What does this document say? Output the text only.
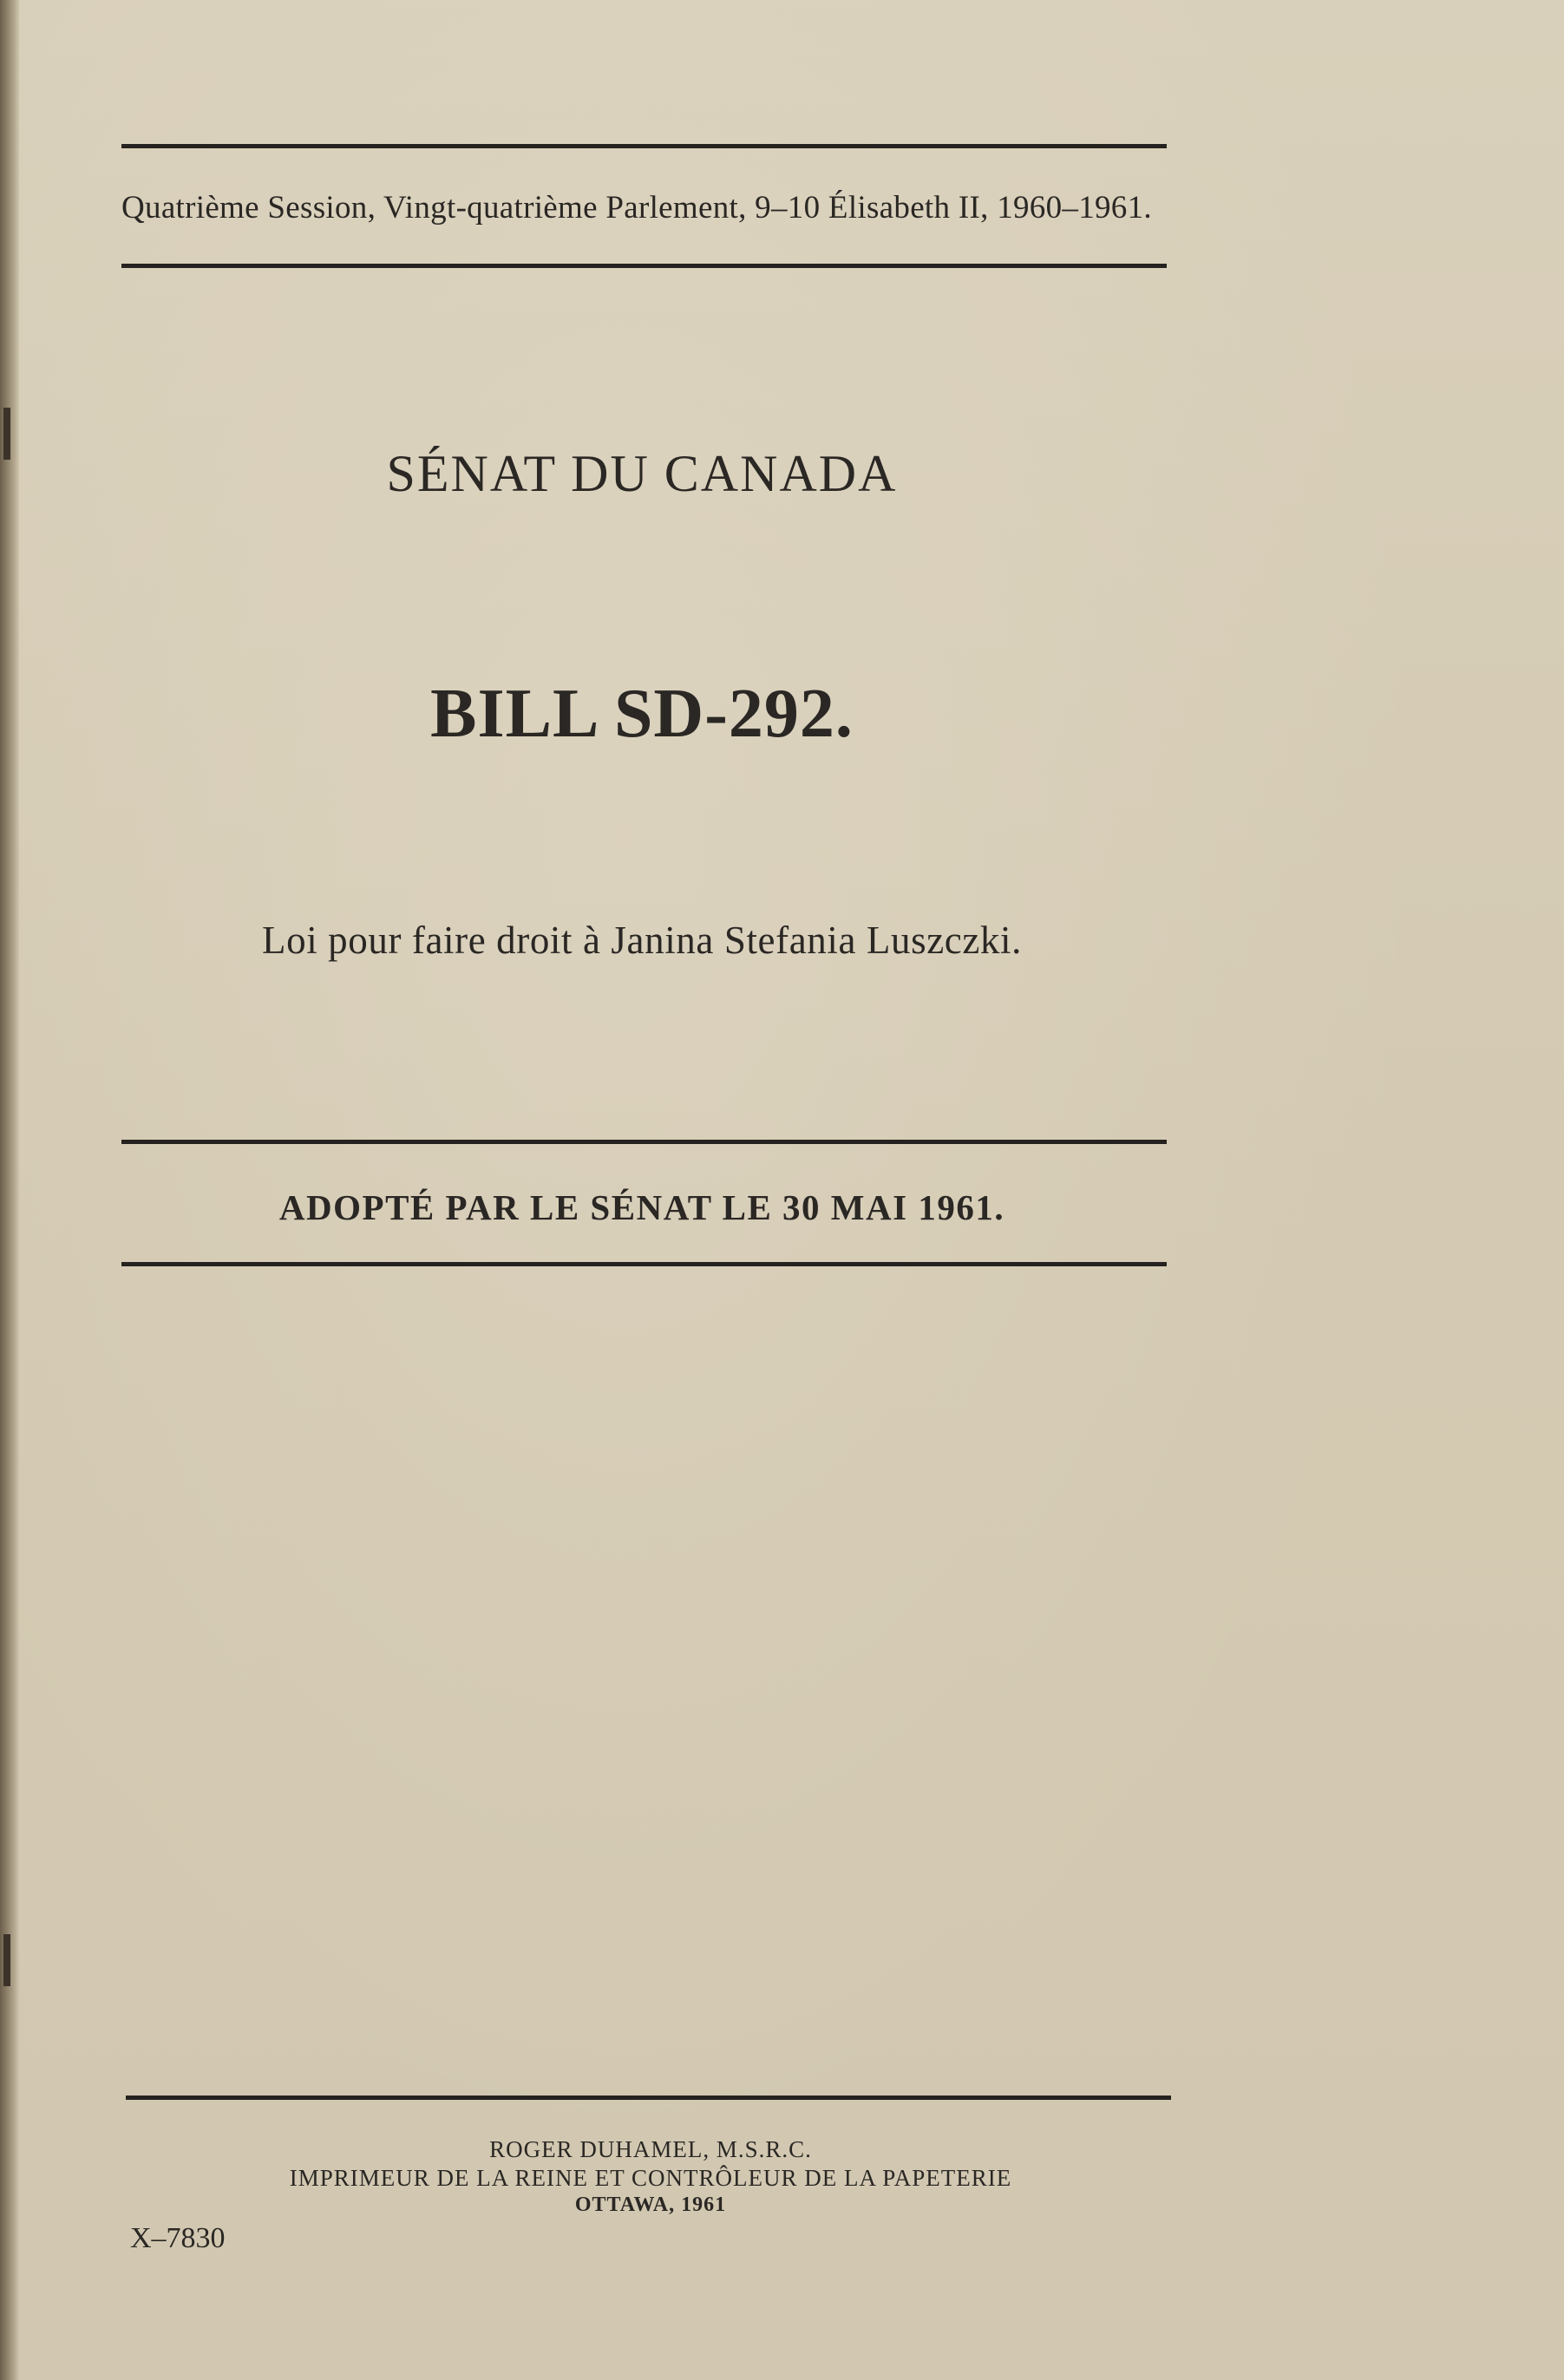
Quatrième Session, Vingt-quatrième Parlement, 9–10 Élisabeth II, 1960–1961.
SÉNAT DU CANADA
BILL SD-292.
Loi pour faire droit à Janina Stefania Luszczki.
ADOPTÉ PAR LE SÉNAT LE 30 MAI 1961.
ROGER DUHAMEL, M.S.R.C.
IMPRIMEUR DE LA REINE ET CONTRÔLEUR DE LA PAPETERIE
OTTAWA, 1961
X–7830
